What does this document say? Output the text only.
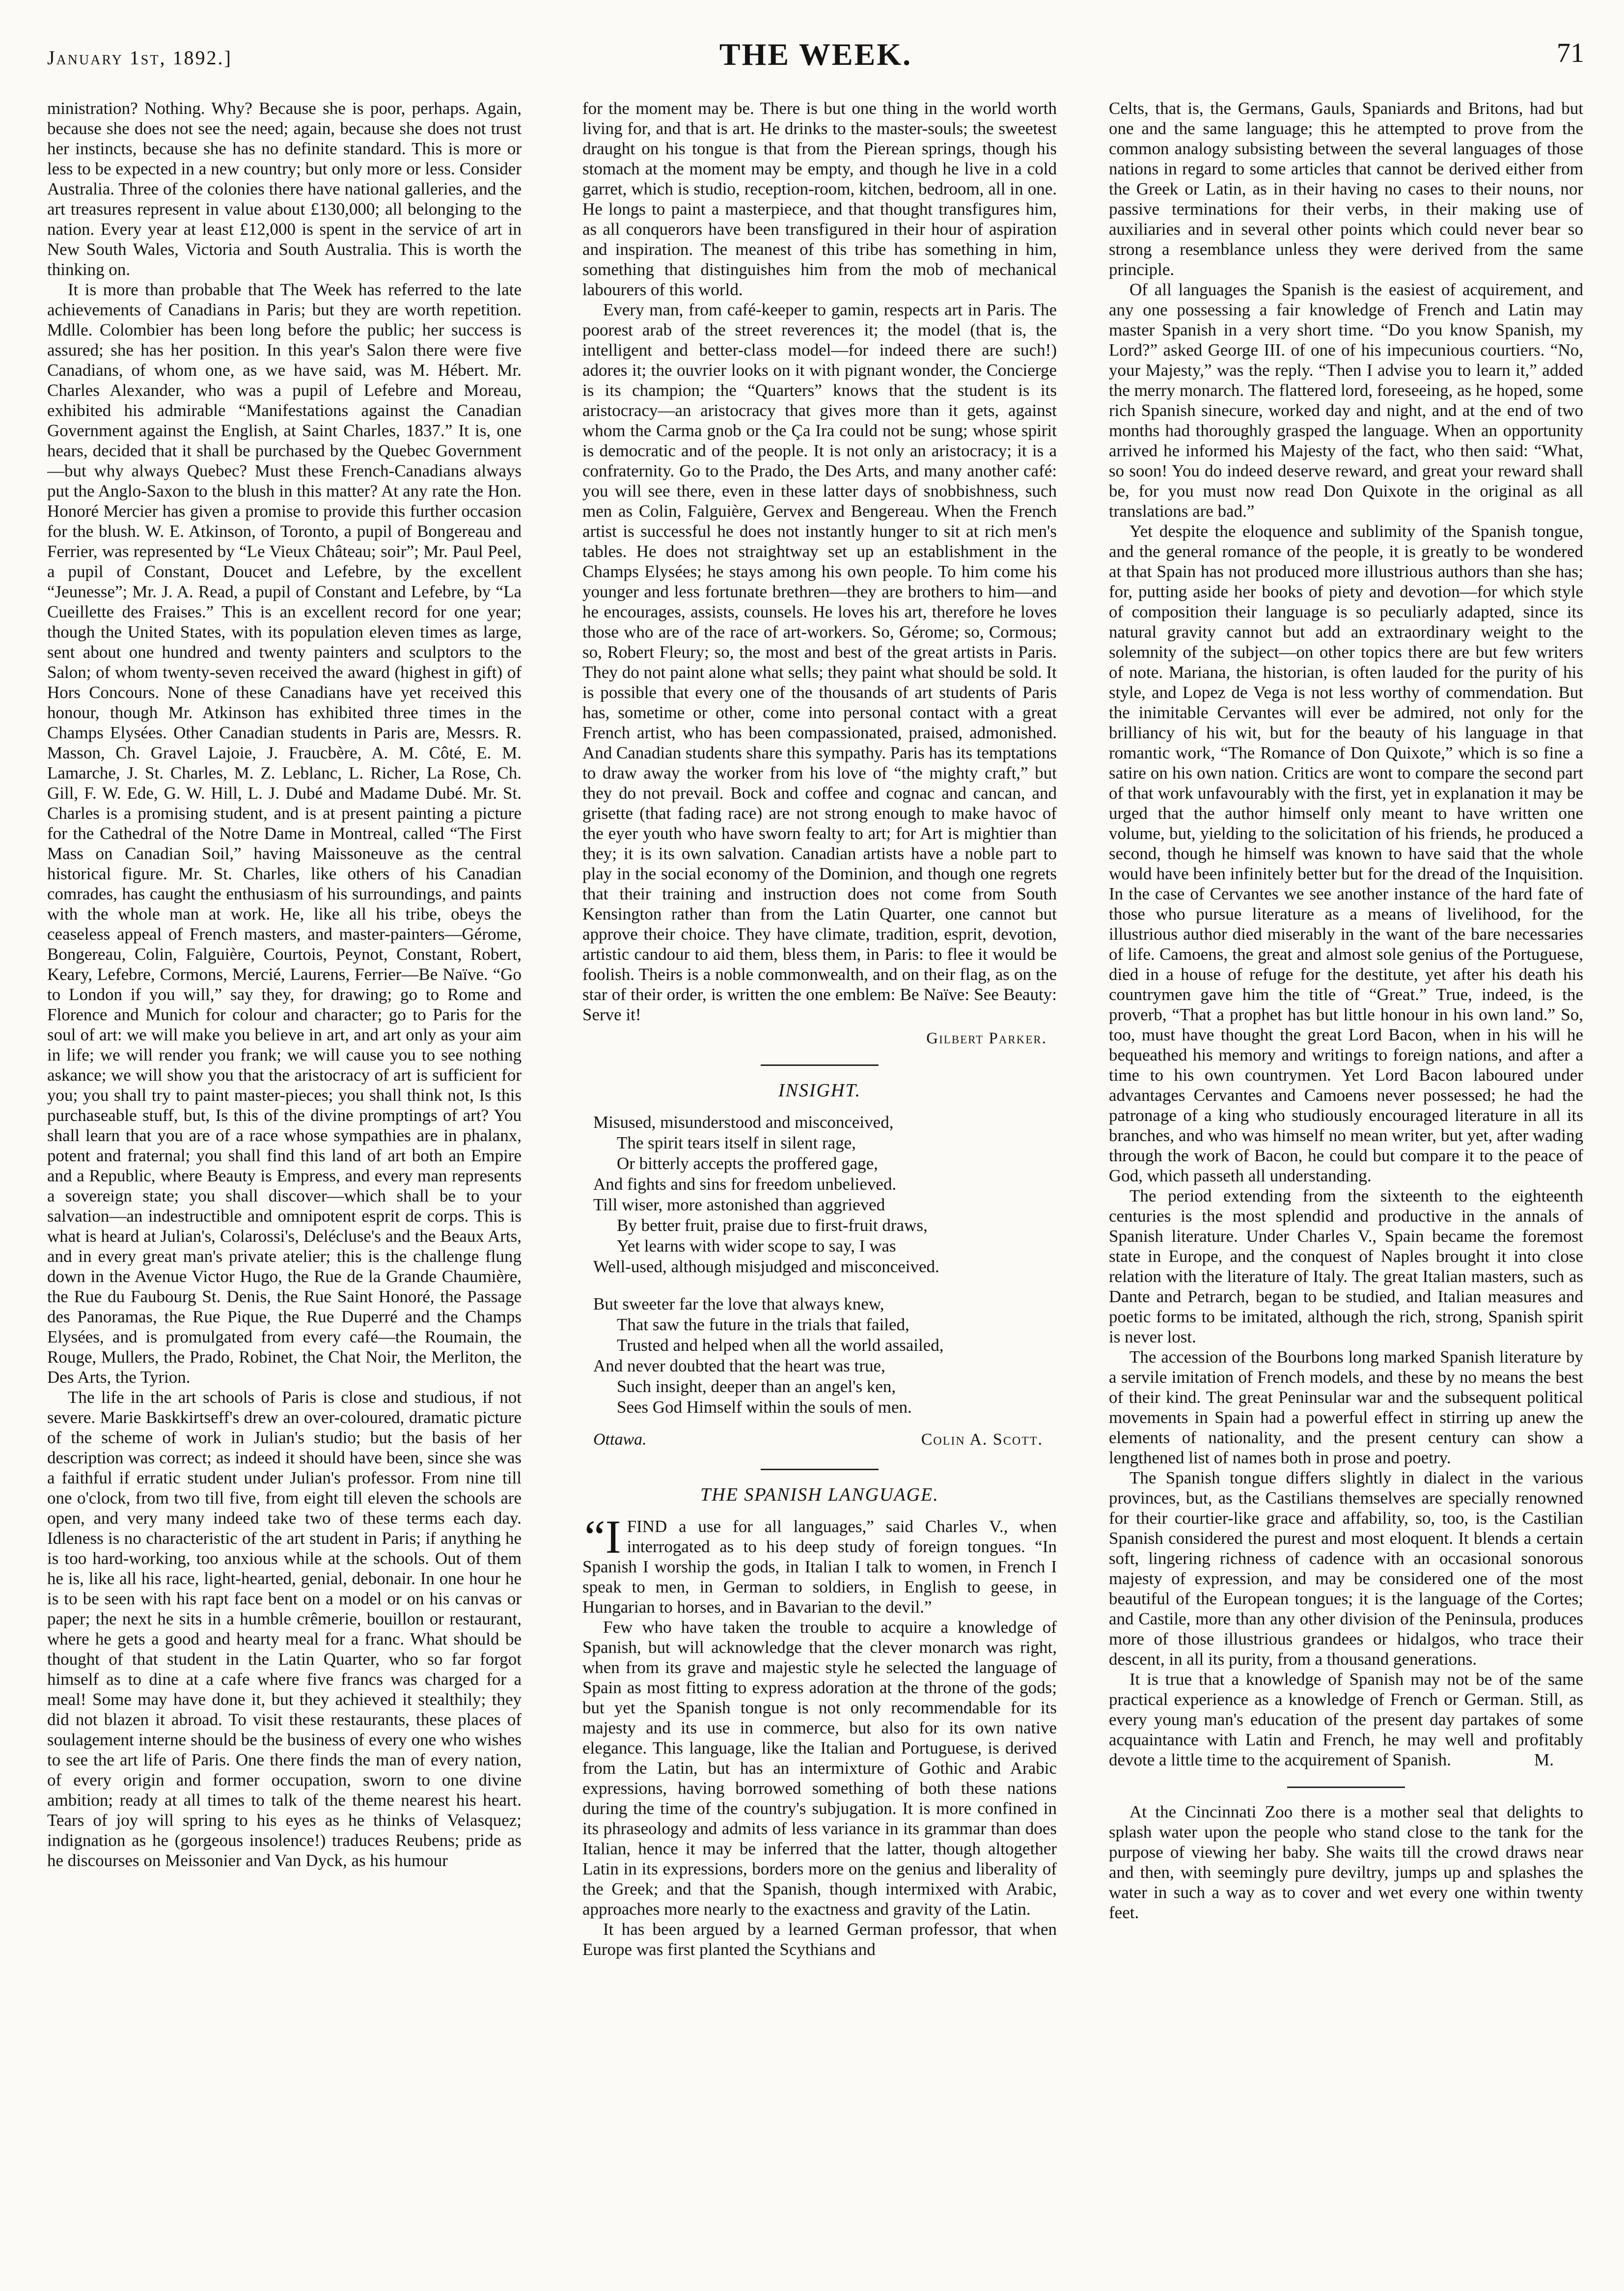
January 1st, 1892.]	THE WEEK.	71

ministration? Nothing. Why? Because she is poor, perhaps. Again, because she does not see the need; again, because she does not trust her instincts, because she has no definite standard. This is more or less to be expected in a new country; but only more or less. Consider Australia. Three of the colonies there have national galleries, and the art treasures represent in value about £130,000; all belonging to the nation. Every year at least £12,000 is spent in the service of art in New South Wales, Victoria and South Australia. This is worth the thinking on.

It is more than probable that The Week has referred to the late achievements of Canadians in Paris; but they are worth repetition. Mdlle. Colombier has been long before the public; her success is assured; she has her position. In this year's Salon there were five Canadians, of whom one, as we have said, was M. Hébert. Mr. Charles Alexander, who was a pupil of Lefebre and Moreau, exhibited his admirable “Manifestations against the Canadian Government against the English, at Saint Charles, 1837.” It is, one hears, decided that it shall be purchased by the Quebec Government—but why always Quebec? Must these French-Canadians always put the Anglo-Saxon to the blush in this matter? At any rate the Hon. Honoré Mercier has given a promise to provide this further occasion for the blush. W. E. Atkinson, of Toronto, a pupil of Bongereau and Ferrier, was represented by “Le Vieux Château; soir”; Mr. Paul Peel, a pupil of Constant, Doucet and Lefebre, by the excellent “Jeunesse”; Mr. J. A. Read, a pupil of Constant and Lefebre, by “La Cueillette des Fraises.” This is an excellent record for one year; though the United States, with its population eleven times as large, sent about one hundred and twenty painters and sculptors to the Salon; of whom twenty-seven received the award (highest in gift) of Hors Concours. None of these Canadians have yet received this honour, though Mr. Atkinson has exhibited three times in the Champs Elysées. Other Canadian students in Paris are, Messrs. R. Masson, Ch. Gravel Lajoie, J. Fraucbère, A. M. Côté, E. M. Lamarche, J. St. Charles, M. Z. Leblanc, L. Richer, La Rose, Ch. Gill, F. W. Ede, G. W. Hill, L. J. Dubé and Madame Dubé. Mr. St. Charles is a promising student, and is at present painting a picture for the Cathedral of the Notre Dame in Montreal, called “The First Mass on Canadian Soil,” having Maissoneuve as the central historical figure. Mr. St. Charles, like others of his Canadian comrades, has caught the enthusiasm of his surroundings, and paints with the whole man at work. He, like all his tribe, obeys the ceaseless appeal of French masters, and master-painters—Gérome, Bongereau, Colin, Falguière, Courtois, Peynot, Constant, Robert, Keary, Lefebre, Cormons, Mercié, Laurens, Ferrier—Be Naïve. “Go to London if you will,” say they, for drawing; go to Rome and Florence and Munich for colour and character; go to Paris for the soul of art: we will make you believe in art, and art only as your aim in life; we will render you frank; we will cause you to see nothing askance; we will show you that the aristocracy of art is sufficient for you; you shall try to paint master-pieces; you shall think not, Is this purchaseable stuff, but, Is this of the divine promptings of art? You shall learn that you are of a race whose sympathies are in phalanx, potent and fraternal; you shall find this land of art both an Empire and a Republic, where Beauty is Empress, and every man represents a sovereign state; you shall discover—which shall be to your salvation—an indestructible and omnipotent esprit de corps. This is what is heard at Julian's, Colarossi's, Delécluse's and the Beaux Arts, and in every great man's private atelier; this is the challenge flung down in the Avenue Victor Hugo, the Rue de la Grande Chaumière, the Rue du Faubourg St. Denis, the Rue Saint Honoré, the Passage des Panoramas, the Rue Pique, the Rue Duperré and the Champs Elysées, and is promulgated from every café—the Roumain, the Rouge, Mullers, the Prado, Robinet, the Chat Noir, the Merliton, the Des Arts, the Tyrion.

The life in the art schools of Paris is close and studious, if not severe. Marie Baskkirtseff's drew an over-coloured, dramatic picture of the scheme of work in Julian's studio; but the basis of her description was correct; as indeed it should have been, since she was a faithful if erratic student under Julian's professor. From nine till one o'clock, from two till five, from eight till eleven the schools are open, and very many indeed take two of these terms each day. Idleness is no characteristic of the art student in Paris; if anything he is too hard-working, too anxious while at the schools. Out of them he is, like all his race, light-hearted, genial, debonair. In one hour he is to be seen with his rapt face bent on a model or on his canvas or paper; the next he sits in a humble crêmerie, bouillon or restaurant, where he gets a good and hearty meal for a franc. What should be thought of that student in the Latin Quarter, who so far forgot himself as to dine at a cafe where five francs was charged for a meal! Some may have done it, but they achieved it stealthily; they did not blazen it abroad. To visit these restaurants, these places of soulagement interne should be the business of every one who wishes to see the art life of Paris. One there finds the man of every nation, of every origin and former occupation, sworn to one divine ambition; ready at all times to talk of the theme nearest his heart. Tears of joy will spring to his eyes as he thinks of Velasquez; indignation as he (gorgeous insolence!) traduces Reubens; pride as he discourses on Meissonier and Van Dyck, as his humour

for the moment may be. There is but one thing in the world worth living for, and that is art. He drinks to the master-souls; the sweetest draught on his tongue is that from the Pierean springs, though his stomach at the moment may be empty, and though he live in a cold garret, which is studio, reception-room, kitchen, bedroom, all in one. He longs to paint a masterpiece, and that thought transfigures him, as all conquerors have been transfigured in their hour of aspiration and inspiration. The meanest of this tribe has something in him, something that distinguishes him from the mob of mechanical labourers of this world.

Every man, from café-keeper to gamin, respects art in Paris. The poorest arab of the street reverences it; the model (that is, the intelligent and better-class model—for indeed there are such!) adores it; the ouvrier looks on it with pignant wonder, the Concierge is its champion; the “Quarters” knows that the student is its aristocracy—an aristocracy that gives more than it gets, against whom the Carma gnob or the Ça Ira could not be sung; whose spirit is democratic and of the people. It is not only an aristocracy; it is a confraternity. Go to the Prado, the Des Arts, and many another café: you will see there, even in these latter days of snobbishness, such men as Colin, Falguière, Gervex and Bengereau. When the French artist is successful he does not instantly hunger to sit at rich men's tables. He does not straightway set up an establishment in the Champs Elysées; he stays among his own people. To him come his younger and less fortunate brethren—they are brothers to him—and he encourages, assists, counsels. He loves his art, therefore he loves those who are of the race of art-workers. So, Gérome; so, Cormous; so, Robert Fleury; so, the most and best of the great artists in Paris. They do not paint alone what sells; they paint what should be sold. It is possible that every one of the thousands of art students of Paris has, sometime or other, come into personal contact with a great French artist, who has been compassionated, praised, admonished. And Canadian students share this sympathy. Paris has its temptations to draw away the worker from his love of “the mighty craft,” but they do not prevail. Bock and coffee and cognac and cancan, and grisette (that fading race) are not strong enough to make havoc of the eyer youth who have sworn fealty to art; for Art is mightier than they; it is its own salvation. Canadian artists have a noble part to play in the social economy of the Dominion, and though one regrets that their training and instruction does not come from South Kensington rather than from the Latin Quarter, one cannot but approve their choice. They have climate, tradition, esprit, devotion, artistic candour to aid them, bless them, in Paris: to flee it would be foolish. Theirs is a noble commonwealth, and on their flag, as on the star of their order, is written the one emblem: Be Naïve: See Beauty: Serve it!

Gilbert Parker.
INSIGHT.
Misused, misunderstood and misconceived,
The spirit tears itself in silent rage,
Or bitterly accepts the proffered gage,
And fights and sins for freedom unbelieved.
Till wiser, more astonished than aggrieved
By better fruit, praise due to first-fruit draws,
Yet learns with wider scope to say, I was
Well-used, although misjudged and misconceived.
But sweeter far the love that always knew,
That saw the future in the trials that failed,
Trusted and helped when all the world assailed,
And never doubted that the heart was true,
Such insight, deeper than an angel's ken,
Sees God Himself within the souls of men.
Ottawa.	Colin A. Scott.
THE SPANISH LANGUAGE.

“IFIND a use for all languages,” said Charles V., when interrogated as to his deep study of foreign tongues. “In Spanish I worship the gods, in Italian I talk to women, in French I speak to men, in German to soldiers, in English to geese, in Hungarian to horses, and in Bavarian to the devil.”

Few who have taken the trouble to acquire a knowledge of Spanish, but will acknowledge that the clever monarch was right, when from its grave and majestic style he selected the language of Spain as most fitting to express adoration at the throne of the gods; but yet the Spanish tongue is not only recommendable for its majesty and its use in commerce, but also for its own native elegance. This language, like the Italian and Portuguese, is derived from the Latin, but has an intermixture of Gothic and Arabic expressions, having borrowed something of both these nations during the time of the country's subjugation. It is more confined in its phraseology and admits of less variance in its grammar than does Italian, hence it may be inferred that the latter, though altogether Latin in its expressions, borders more on the genius and liberality of the Greek; and that the Spanish, though intermixed with Arabic, approaches more nearly to the exactness and gravity of the Latin.

It has been argued by a learned German professor, that when Europe was first planted the Scythians and

Celts, that is, the Germans, Gauls, Spaniards and Britons, had but one and the same language; this he attempted to prove from the common analogy subsisting between the several languages of those nations in regard to some articles that cannot be derived either from the Greek or Latin, as in their having no cases to their nouns, nor passive terminations for their verbs, in their making use of auxiliaries and in several other points which could never bear so strong a resemblance unless they were derived from the same principle.

Of all languages the Spanish is the easiest of acquirement, and any one possessing a fair knowledge of French and Latin may master Spanish in a very short time. “Do you know Spanish, my Lord?” asked George III. of one of his impecunious courtiers. “No, your Majesty,” was the reply. “Then I advise you to learn it,” added the merry monarch. The flattered lord, foreseeing, as he hoped, some rich Spanish sinecure, worked day and night, and at the end of two months had thoroughly grasped the language. When an opportunity arrived he informed his Majesty of the fact, who then said: “What, so soon! You do indeed deserve reward, and great your reward shall be, for you must now read Don Quixote in the original as all translations are bad.”

Yet despite the eloquence and sublimity of the Spanish tongue, and the general romance of the people, it is greatly to be wondered at that Spain has not produced more illustrious authors than she has; for, putting aside her books of piety and devotion—for which style of composition their language is so peculiarly adapted, since its natural gravity cannot but add an extraordinary weight to the solemnity of the subject—on other topics there are but few writers of note. Mariana, the historian, is often lauded for the purity of his style, and Lopez de Vega is not less worthy of commendation. But the inimitable Cervantes will ever be admired, not only for the brilliancy of his wit, but for the beauty of his language in that romantic work, “The Romance of Don Quixote,” which is so fine a satire on his own nation. Critics are wont to compare the second part of that work unfavourably with the first, yet in explanation it may be urged that the author himself only meant to have written one volume, but, yielding to the solicitation of his friends, he produced a second, though he himself was known to have said that the whole would have been infinitely better but for the dread of the Inquisition. In the case of Cervantes we see another instance of the hard fate of those who pursue literature as a means of livelihood, for the illustrious author died miserably in the want of the bare necessaries of life. Camoens, the great and almost sole genius of the Portuguese, died in a house of refuge for the destitute, yet after his death his countrymen gave him the title of “Great.” True, indeed, is the proverb, “That a prophet has but little honour in his own land.” So, too, must have thought the great Lord Bacon, when in his will he bequeathed his memory and writings to foreign nations, and after a time to his own countrymen. Yet Lord Bacon laboured under advantages Cervantes and Camoens never possessed; he had the patronage of a king who studiously encouraged literature in all its branches, and who was himself no mean writer, but yet, after wading through the work of Bacon, he could but compare it to the peace of God, which passeth all understanding.

The period extending from the sixteenth to the eighteenth centuries is the most splendid and productive in the annals of Spanish literature. Under Charles V., Spain became the foremost state in Europe, and the conquest of Naples brought it into close relation with the literature of Italy. The great Italian masters, such as Dante and Petrarch, began to be studied, and Italian measures and poetic forms to be imitated, although the rich, strong, Spanish spirit is never lost.

The accession of the Bourbons long marked Spanish literature by a servile imitation of French models, and these by no means the best of their kind. The great Peninsular war and the subsequent political movements in Spain had a powerful effect in stirring up anew the elements of nationality, and the present century can show a lengthened list of names both in prose and poetry.

The Spanish tongue differs slightly in dialect in the various provinces, but, as the Castilians themselves are specially renowned for their courtier-like grace and affability, so, too, is the Castilian Spanish considered the purest and most eloquent. It blends a certain soft, lingering richness of cadence with an occasional sonorous majesty of expression, and may be considered one of the most beautiful of the European tongues; it is the language of the Cortes; and Castile, more than any other division of the Peninsula, produces more of those illustrious grandees or hidalgos, who trace their descent, in all its purity, from a thousand generations.

It is true that a knowledge of Spanish may not be of the same practical experience as a knowledge of French or German. Still, as every young man's education of the present day partakes of some acquaintance with Latin and French, he may well and profitably devote a little time to the acquirement of Spanish.	M.

At the Cincinnati Zoo there is a mother seal that delights to splash water upon the people who stand close to the tank for the purpose of viewing her baby. She waits till the crowd draws near and then, with seemingly pure deviltry, jumps up and splashes the water in such a way as to cover and wet every one within twenty feet.
